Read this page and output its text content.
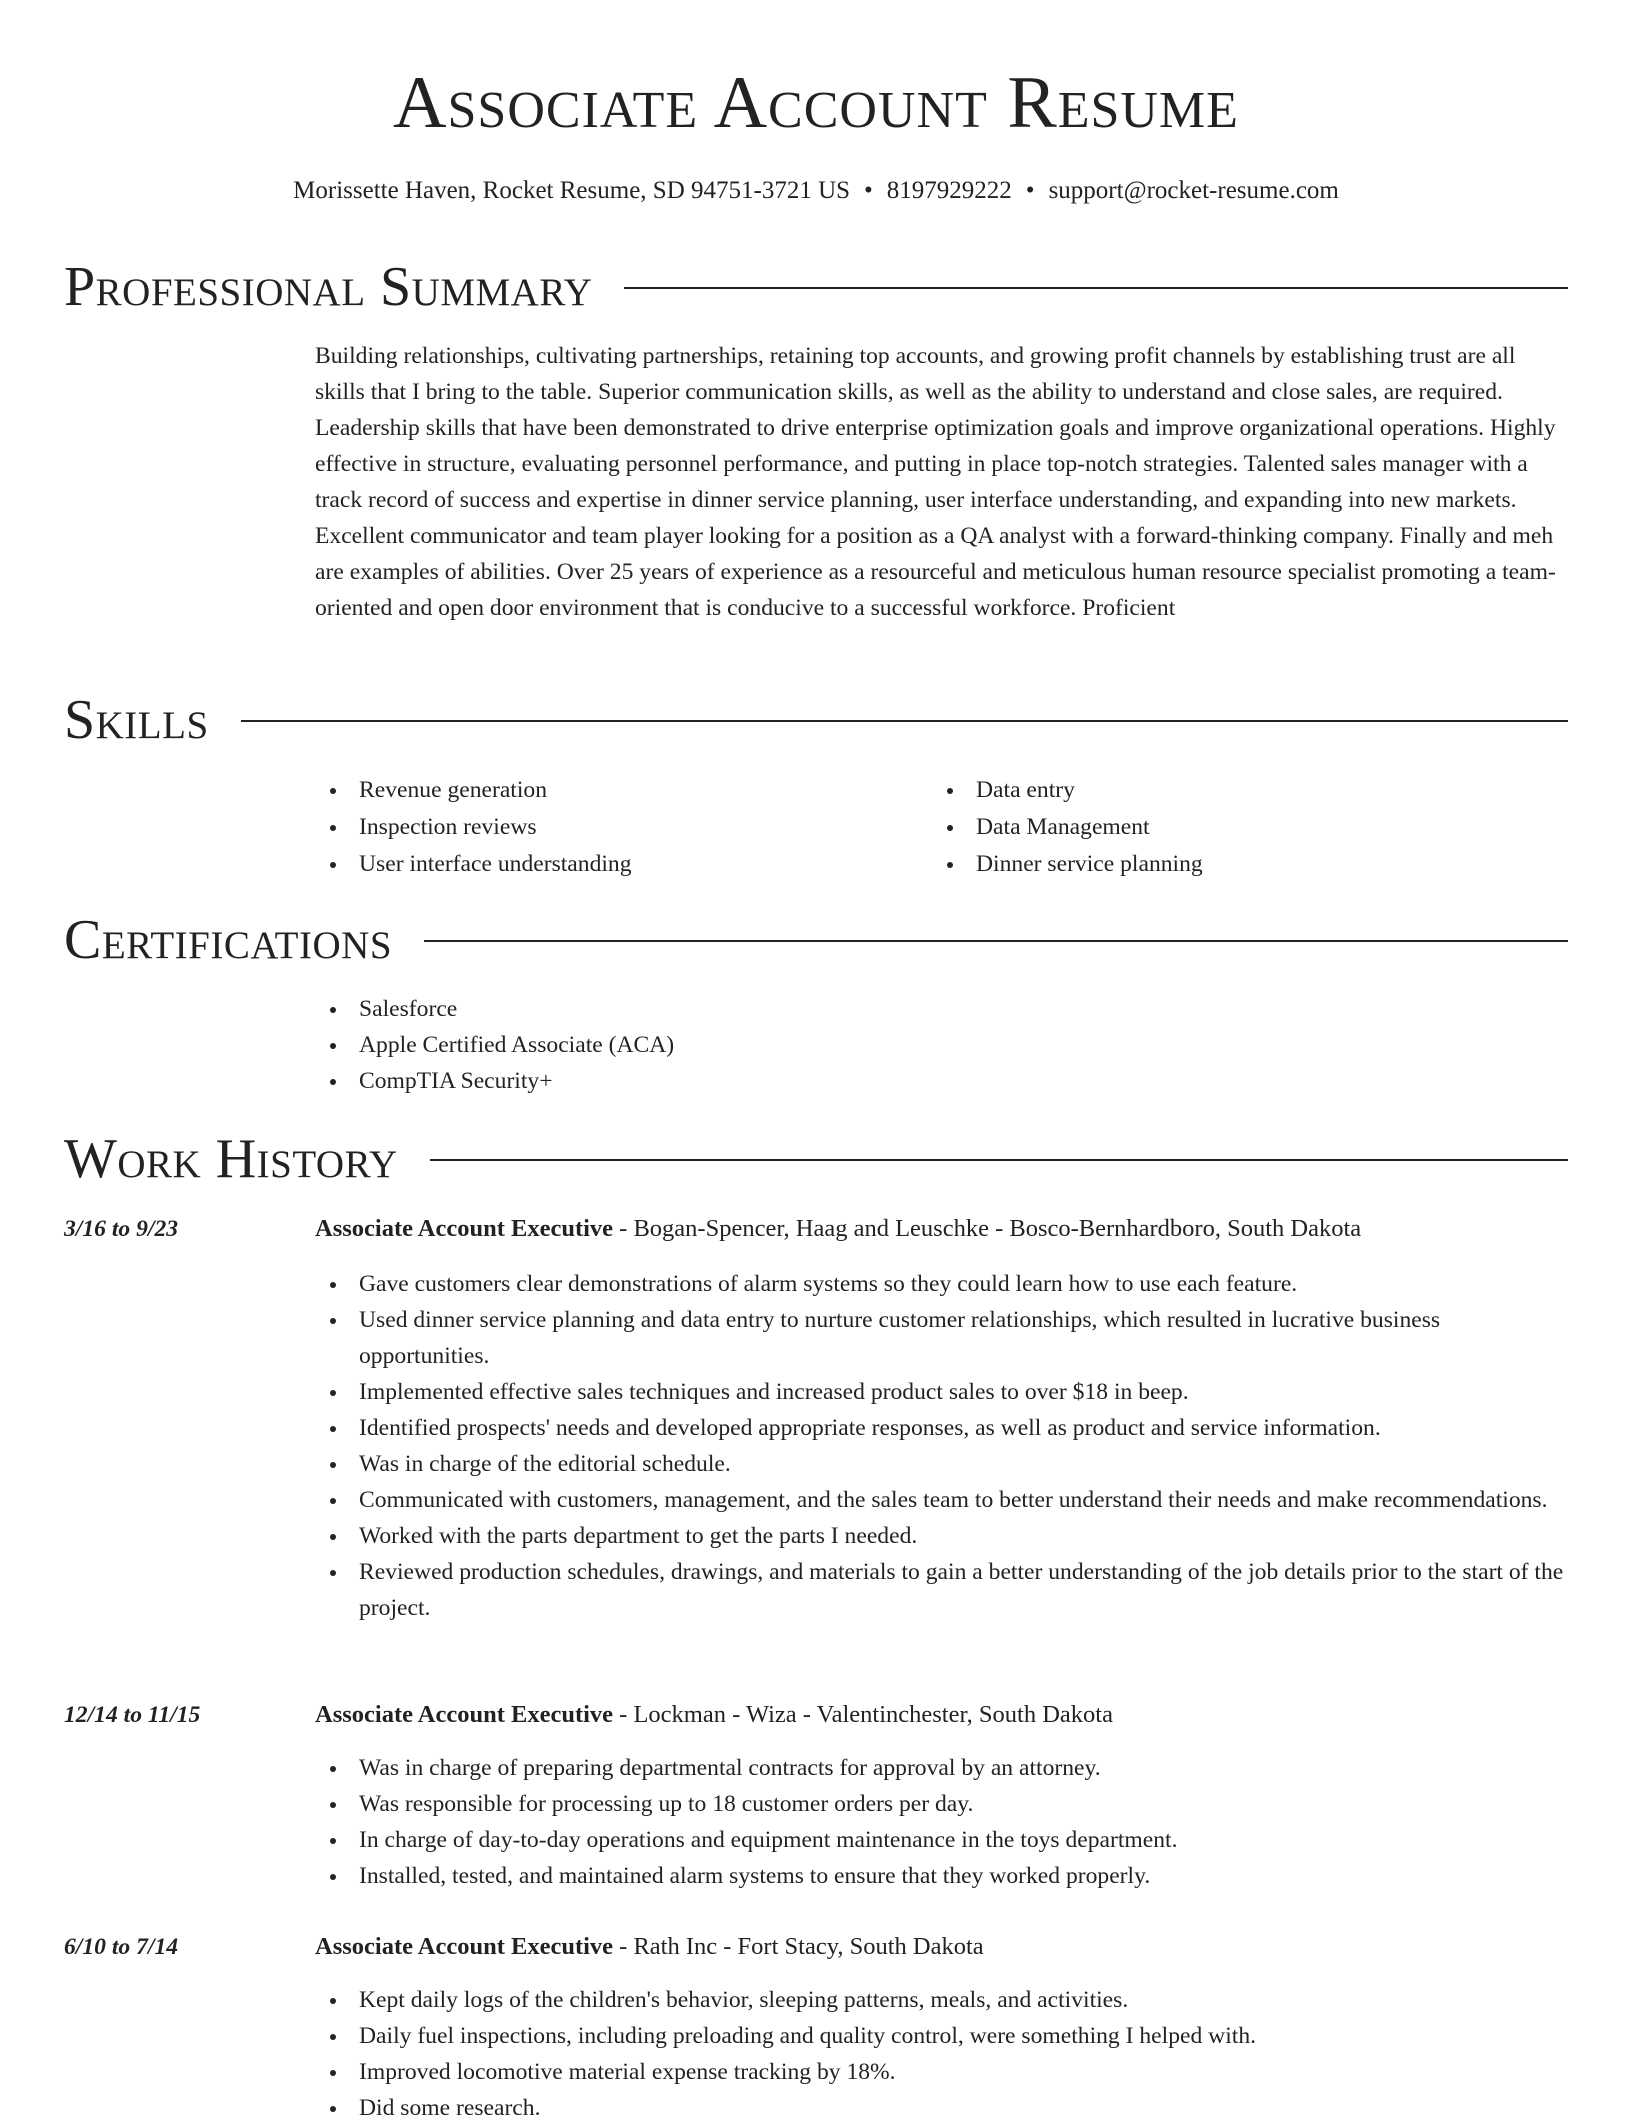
Associate Account Resume
Morissette Haven, Rocket Resume, SD 94751-3721 US • 8197929222 • support@rocket-resume.com
Professional Summary

Building relationships, cultivating partnerships, retaining top accounts, and growing profit channels by establishing trust are all skills that I bring to the table. Superior communication skills, as well as the ability to understand and close sales, are required. Leadership skills that have been demonstrated to drive enterprise optimization goals and improve organizational operations. Highly effective in structure, evaluating personnel performance, and putting in place top-notch strategies. Talented sales manager with a track record of success and expertise in dinner service planning, user interface understanding, and expanding into new markets. Excellent communicator and team player looking for a position as a QA analyst with a forward-thinking company. Finally and meh are examples of abilities. Over 25 years of experience as a resourceful and meticulous human resource specialist promoting a team-oriented and open door environment that is conducive to a successful workforce. Proficient

Skills
Revenue generation
Inspection reviews
User interface understanding
Data entry
Data Management
Dinner service planning
Certifications
Salesforce
Apple Certified Associate (ACA)
CompTIA Security+
Work History
3/16 to 9/23	Associate Account Executive - Bogan-Spencer, Haag and Leuschke - Bosco-Bernhardboro, South Dakota
Gave customers clear demonstrations of alarm systems so they could learn how to use each feature.
Used dinner service planning and data entry to nurture customer relationships, which resulted in lucrative business opportunities.
Implemented effective sales techniques and increased product sales to over $18 in beep.
Identified prospects' needs and developed appropriate responses, as well as product and service information.
Was in charge of the editorial schedule.
Communicated with customers, management, and the sales team to better understand their needs and make recommendations.
Worked with the parts department to get the parts I needed.
Reviewed production schedules, drawings, and materials to gain a better understanding of the job details prior to the start of the project.
12/14 to 11/15	Associate Account Executive - Lockman - Wiza - Valentinchester, South Dakota
Was in charge of preparing departmental contracts for approval by an attorney.
Was responsible for processing up to 18 customer orders per day.
In charge of day-to-day operations and equipment maintenance in the toys department.
Installed, tested, and maintained alarm systems to ensure that they worked properly.
6/10 to 7/14	Associate Account Executive - Rath Inc - Fort Stacy, South Dakota
Kept daily logs of the children's behavior, sleeping patterns, meals, and activities.
Daily fuel inspections, including preloading and quality control, were something I helped with.
Improved locomotive material expense tracking by 18%.
Did some research.
